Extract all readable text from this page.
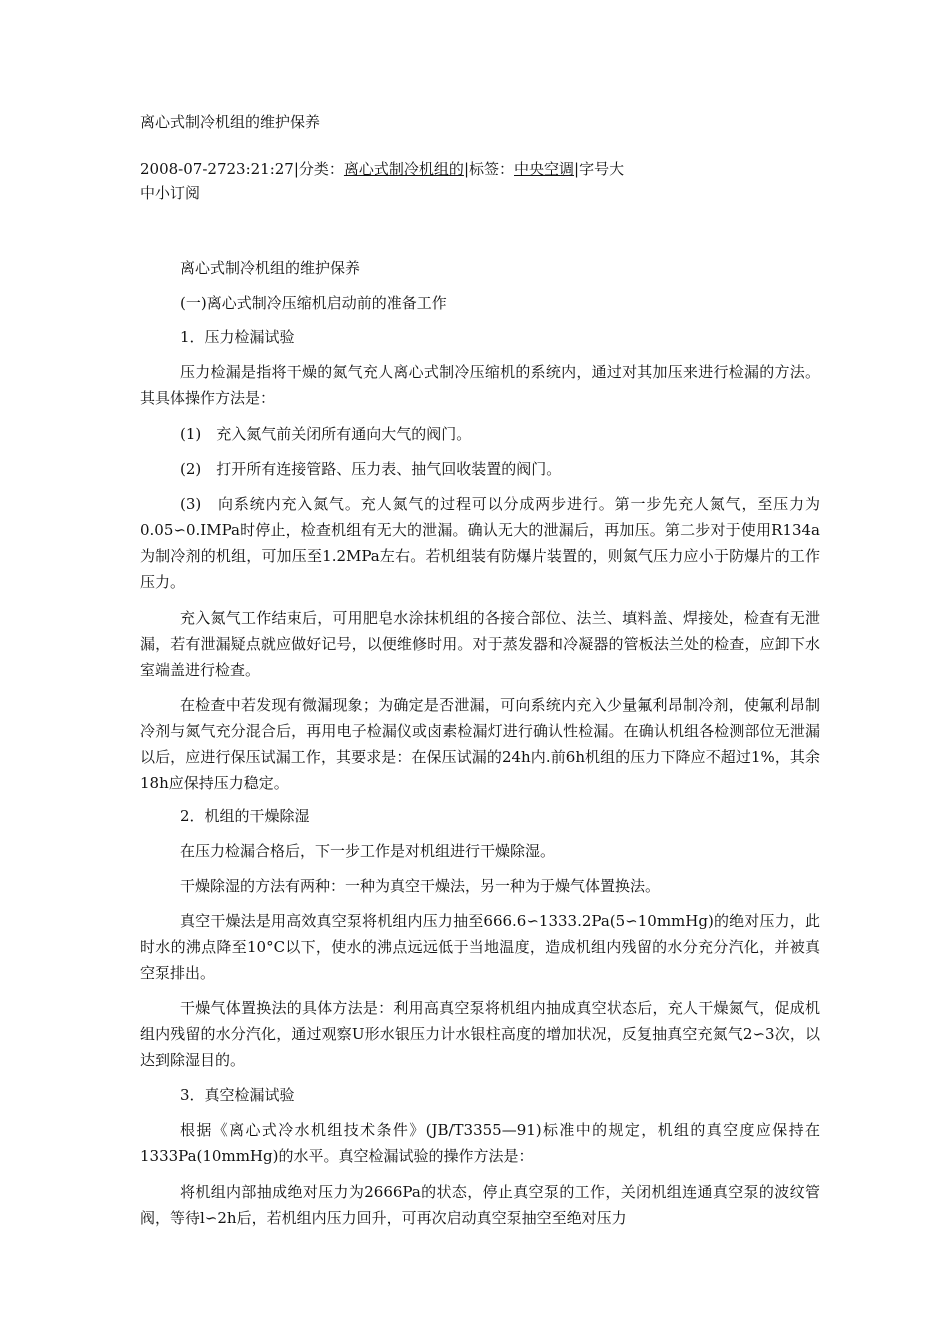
离心式制冷机组的维护保养

2008-07-2723:21:27|分类：离心式制冷机组的|标签：中央空调|字号大
中小订阅

离心式制冷机组的维护保养

(一)离心式制冷压缩机启动前的准备工作

1．压力检漏试验

压力检漏是指将干燥的氮气充人离心式制冷压缩机的系统内，通过对其加压来进行检漏的方法。其具体操作方法是：

(1)　充入氮气前关闭所有通向大气的阀门。

(2)　打开所有连接管路、压力表、抽气回收装置的阀门。

(3)　向系统内充入氮气。充人氮气的过程可以分成两步进行。第一步先充人氮气，至压力为0.05∽0.IMPa时停止，检查机组有无大的泄漏。确认无大的泄漏后，再加压。第二步对于使用R134a为制冷剂的机组，可加压至1.2MPa左右。若机组装有防爆片装置的，则氮气压力应小于防爆片的工作压力。

充入氮气工作结束后，可用肥皂水涂抹机组的各接合部位、法兰、填料盖、焊接处，检查有无泄漏，若有泄漏疑点就应做好记号，以便维修时用。对于蒸发器和冷凝器的管板法兰处的检查，应卸下水室端盖进行检查。

在检查中若发现有微漏现象；为确定是否泄漏，可向系统内充入少量氟利昂制冷剂，使氟利昂制冷剂与氮气充分混合后，再用电子检漏仪或卤素检漏灯进行确认性检漏。在确认机组各检测部位无泄漏以后，应进行保压试漏工作，其要求是：在保压试漏的24h内.前6h机组的压力下降应不超过1%，其余18h应保持压力稳定。

2．机组的干燥除湿

在压力检漏合格后，下一步工作是对机组进行干燥除湿。

干燥除湿的方法有两种：一种为真空干燥法，另一种为于燥气体置换法。

真空干燥法是用高效真空泵将机组内压力抽至666.6∽1333.2Pa(5∽10mmHg)的绝对压力，此时水的沸点降至10°C以下，使水的沸点远远低于当地温度，造成机组内残留的水分充分汽化，并被真空泵排出。

干燥气体置换法的具体方法是：利用高真空泵将机组内抽成真空状态后，充人干燥氮气，促成机组内残留的水分汽化，通过观察U形水银压力计水银柱高度的增加状况，反复抽真空充氮气2∽3次，以达到除湿目的。

3．真空检漏试验

根据《离心式冷水机组技术条件》(JB/T3355—91)标准中的规定，机组的真空度应保持在1333Pa(10mmHg)的水平。真空检漏试验的操作方法是：

将机组内部抽成绝对压力为2666Pa的状态，停止真空泵的工作，关闭机组连通真空泵的波纹管阀，等待l∽2h后，若机组内压力回升，可再次启动真空泵抽空至绝对压力
